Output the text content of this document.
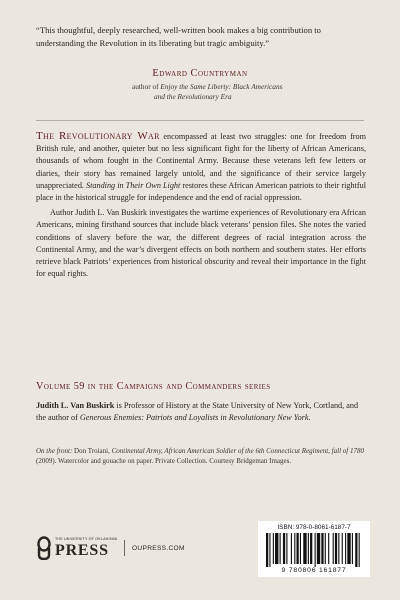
“This thoughtful, deeply researched, well-written book makes a big contribution to understanding the Revolution in its liberating but tragic ambiguity.”
Edward Countryman
author of Enjoy the Same Liberty: Black Americans
and the Revolutionary Era

The Revolutionary War encompassed at least two struggles: one for freedom from British rule, and another, quieter but no less significant fight for the liberty of African Americans, thousands of whom fought in the Continental Army. Because these veterans left few letters or diaries, their story has remained largely untold, and the significance of their service largely unappreciated. Standing in Their Own Light restores these African American patriots to their rightful place in the historical struggle for independence and the end of racial oppression.

Author Judith L. Van Buskirk investigates the wartime experiences of Revolutionary era African Americans, mining firsthand sources that include black veterans’ pension files. She notes the varied conditions of slavery before the war, the different degrees of racial integration across the Continental Army, and the war’s divergent effects on both northern and southern states. Her efforts retrieve black Patriots’ experiences from historical obscurity and reveal their importance in the fight for equal rights.

Volume 59 in the Campaigns and Commanders series
Judith L. Van Buskirk is Professor of History at the State University of New York, Cortland, and the author of Generous Enemies: Patriots and Loyalists in Revolutionary New York.
On the front: Don Troiani, Continental Army, African American Soldier of the 6th Connecticut Regiment, fall of 1780 (2009). Watercolor and gouache on paper. Private Collection. Courtesy Bridgeman Images.
THE UNIVERSITY OF OKLAHOMA
PRESS	OUPRESS.COM
ISBN: 978-0-8061-6187-7
9 780806 161877
